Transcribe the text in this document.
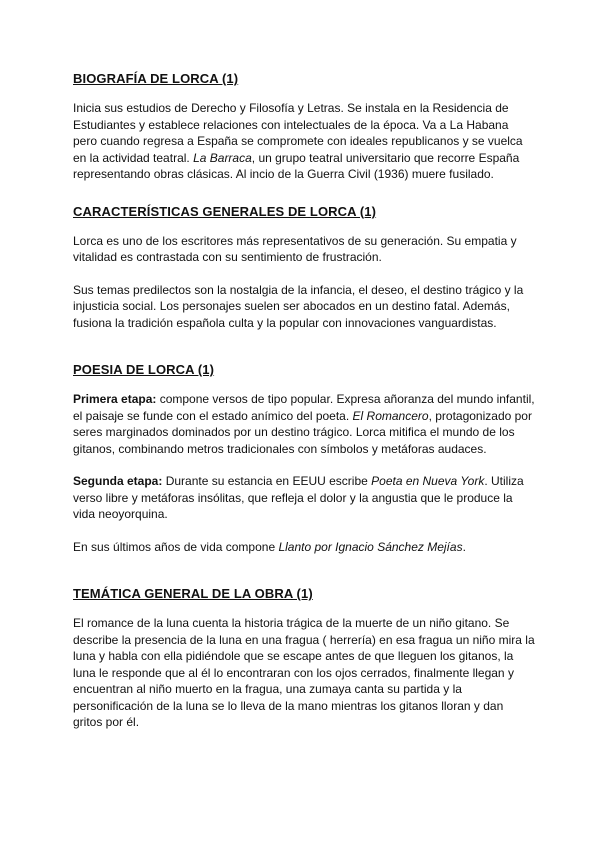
BIOGRAFÍA DE LORCA (1)

Inicia sus estudios de Derecho y Filosofía y Letras. Se instala en la Residencia de Estudiantes y establece relaciones con intelectuales de la época. Va a La Habana pero cuando regresa a España se compromete con ideales republicanos y se vuelca en la actividad teatral. La Barraca, un grupo teatral universitario que recorre España representando obras clásicas. Al incio de la Guerra Civil (1936) muere fusilado.

CARACTERÍSTICAS GENERALES DE LORCA (1)

Lorca es uno de los escritores más representativos de su generación. Su empatia y vitalidad es contrastada con su sentimiento de frustración.

Sus temas predilectos son la nostalgia de la infancia, el deseo, el destino trágico y la injusticia social. Los personajes suelen ser abocados en un destino fatal. Además, fusiona la tradición española culta y la popular con innovaciones vanguardistas.

POESIA DE LORCA (1)

Primera etapa: compone versos de tipo popular. Expresa añoranza del mundo infantil, el paisaje se funde con el estado anímico del poeta. El Romancero, protagonizado por seres marginados dominados por un destino trágico. Lorca mitifica el mundo de los gitanos, combinando metros tradicionales con símbolos y metáforas audaces.

Segunda etapa: Durante su estancia en EEUU escribe Poeta en Nueva York. Utiliza verso libre y metáforas insólitas, que refleja el dolor y la angustia que le produce la vida neoyorquina.

En sus últimos años de vida compone Llanto por Ignacio Sánchez Mejías.

TEMÁTICA GENERAL DE LA OBRA (1)

El romance de la luna cuenta la historia trágica de la muerte de un niño gitano. Se describe la presencia de la luna en una fragua ( herrería) en esa fragua un niño mira la luna y habla con ella pidiéndole que se escape antes de que lleguen los gitanos, la luna le responde que al él lo encontraran con los ojos cerrados, finalmente llegan y encuentran al niño muerto en la fragua, una zumaya canta su partida y la personificación de la luna se lo lleva de la mano mientras los gitanos lloran y dan gritos por él.
